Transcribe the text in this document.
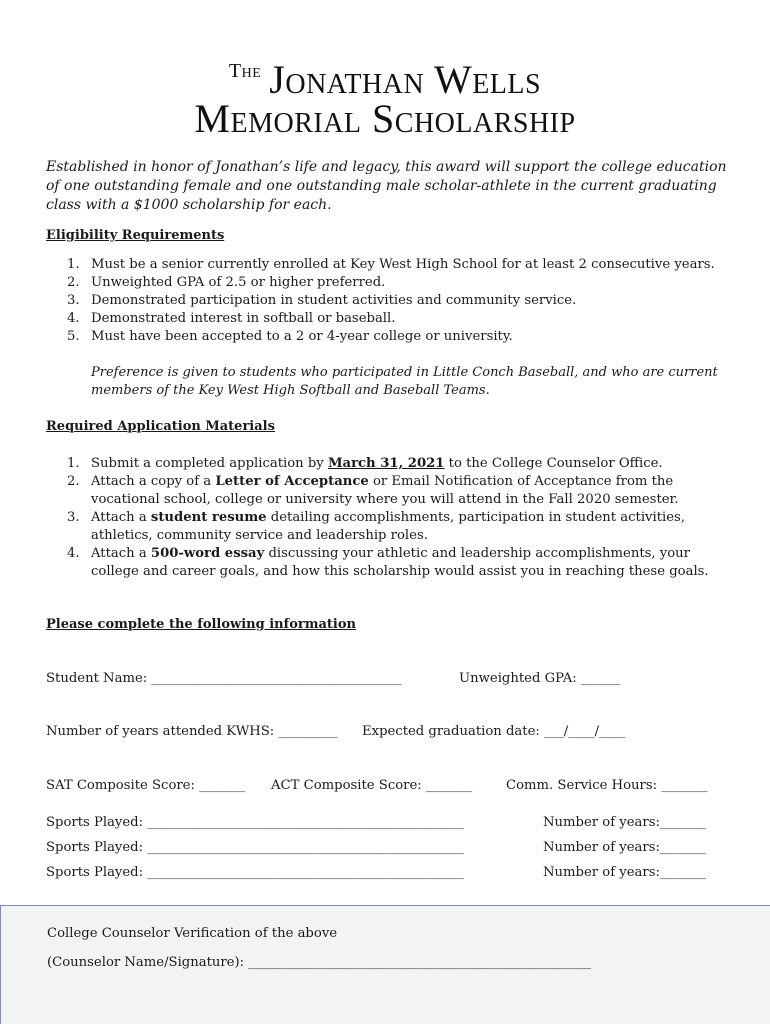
$^{The}$ Jonathan Wells
Memorial Scholarship
Established in honor of Jonathan’s life and legacy, this award will support the college education of one outstanding female and one outstanding male scholar-athlete in the current graduating class with a $1000 scholarship for each.
Eligibility Requirements
1. Must be a senior currently enrolled at Key West High School for at least 2 consecutive years.
2. Unweighted GPA of 2.5 or higher preferred.
3. Demonstrated participation in student activities and community service.
4. Demonstrated interest in softball or baseball.
5. Must have been accepted to a 2 or 4-year college or university.
Preference is given to students who participated in Little Conch Baseball, and who are current members of the Key West High Softball and Baseball Teams.
Required Application Materials
1. Submit a completed application by March 31, 2021 to the College Counselor Office.
2. Attach a copy of a Letter of Acceptance or Email Notification of Acceptance from the vocational school, college or university where you will attend in the Fall 2020 semester.
3. Attach a student resume detailing accomplishments, participation in student activities, athletics, community service and leadership roles.
4. Attach a 500-word essay discussing your athletic and leadership accomplishments, your college and career goals, and how this scholarship would assist you in reaching these goals.
Please complete the following information
Student Name: ______________________________________	Unweighted GPA: ______
Number of years attended KWHS: _________ Expected graduation date: ___/____/____
SAT Composite Score: _______ ACT Composite Score: _______	Comm. Service Hours: _______
Sports Played: ________________________________________________	Number of years:_______
Sports Played: ________________________________________________	Number of years:_______
Sports Played: ________________________________________________	Number of years:_______
College Counselor Verification of the above
(Counselor Name/Signature): ____________________________________________________
